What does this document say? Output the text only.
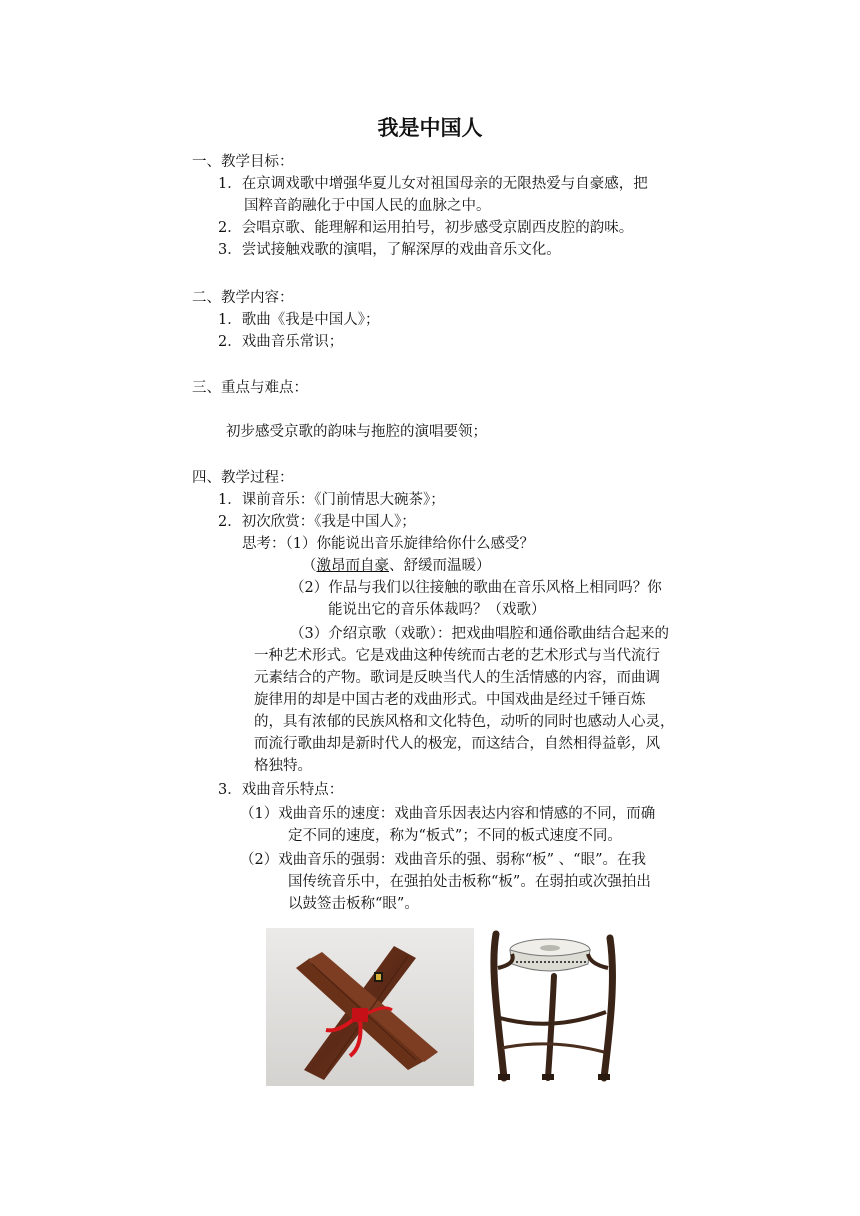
我是中国人
一、教学目标：
1．在京调戏歌中增强华夏儿女对祖国母亲的无限热爱与自豪感，把
国粹音韵融化于中国人民的血脉之中。
2．会唱京歌、能理解和运用拍号，初步感受京剧西皮腔的韵味。
3．尝试接触戏歌的演唱，了解深厚的戏曲音乐文化。
二、教学内容：
1．歌曲《我是中国人》；
2．戏曲音乐常识；
三、重点与难点：
初步感受京歌的韵味与拖腔的演唱要领；
四、教学过程：
1．课前音乐：《门前情思大碗茶》；
2．初次欣赏：《我是中国人》；
思考：（1）你能说出音乐旋律给你什么感受？
（激昂而自豪、舒缓而温暖）
（2）作品与我们以往接触的歌曲在音乐风格上相同吗？你
能说出它的音乐体裁吗？（戏歌）
（3）介绍京歌（戏歌）：把戏曲唱腔和通俗歌曲结合起来的
一种艺术形式。它是戏曲这种传统而古老的艺术形式与当代流行
元素结合的产物。歌词是反映当代人的生活情感的内容，而曲调
旋律用的却是中国古老的戏曲形式。中国戏曲是经过千锤百炼
的，具有浓郁的民族风格和文化特色，动听的同时也感动人心灵，
而流行歌曲却是新时代人的极宠，而这结合，自然相得益彰，风
格独特。
3．戏曲音乐特点：
（1）戏曲音乐的速度：戏曲音乐因表达内容和情感的不同，而确
定不同的速度，称为“板式”；不同的板式速度不同。
（2）戏曲音乐的强弱：戏曲音乐的强、弱称“板” 、“眼”。在我
国传统音乐中，在强拍处击板称“板”。在弱拍或次强拍出
以鼓签击板称“眼”。
